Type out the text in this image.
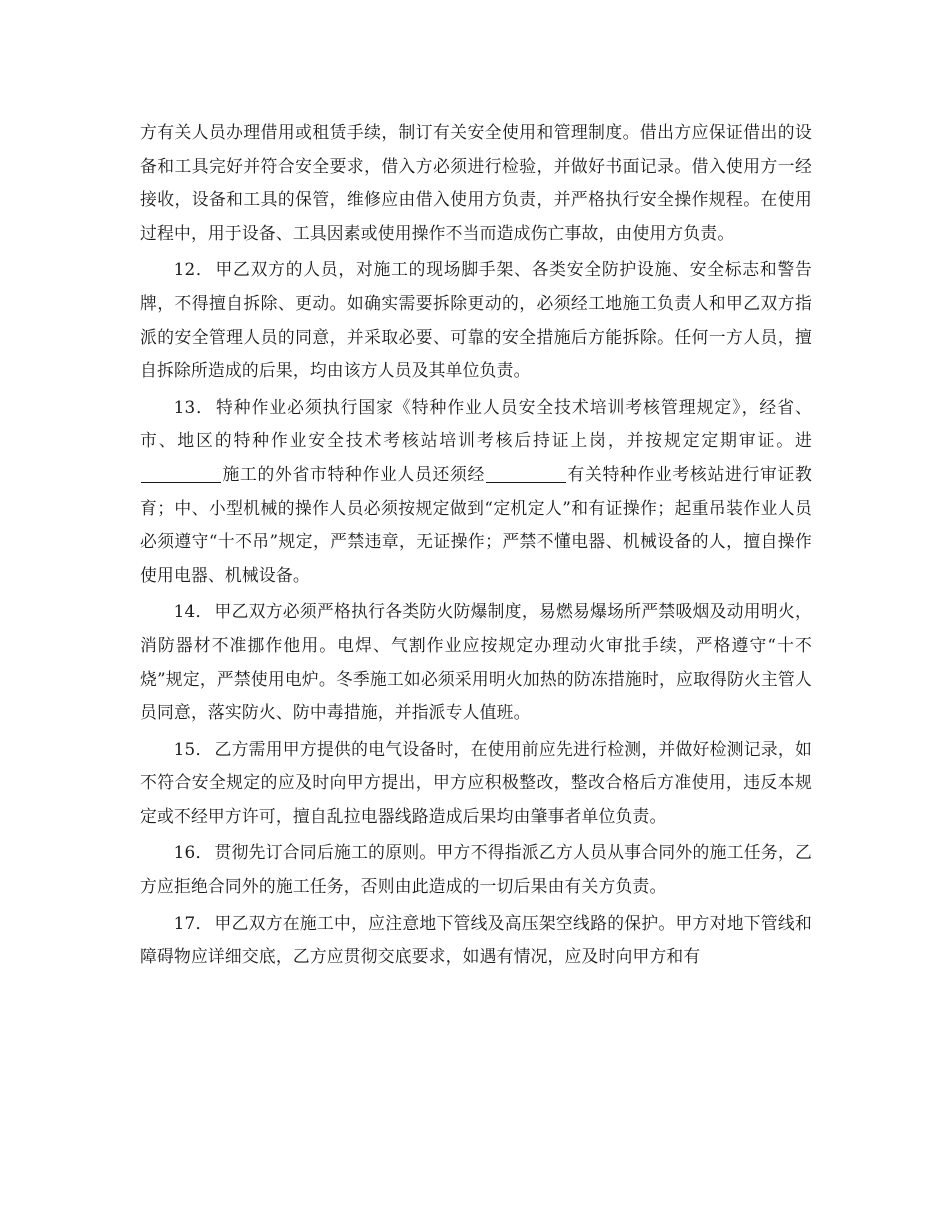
方有关人员办理借用或租赁手续，制订有关安全使用和管理制度。借出方应保证借出的设备和工具完好并符合安全要求，借入方必须进行检验，并做好书面记录。借入使用方一经接收，设备和工具的保管，维修应由借入使用方负责，并严格执行安全操作规程。在使用过程中，用于设备、工具因素或使用操作不当而造成伤亡事故，由使用方负责。

12． 甲乙双方的人员，对施工的现场脚手架、各类安全防护设施、安全标志和警告牌，不得擅自拆除、更动。如确实需要拆除更动的，必须经工地施工负责人和甲乙双方指派的安全管理人员的同意，并采取必要、可靠的安全措施后方能拆除。任何一方人员，擅自拆除所造成的后果，均由该方人员及其单位负责。

13． 特种作业必须执行国家《特种作业人员安全技术培训考核管理规定》，经省、市、地区的特种作业安全技术考核站培训考核后持证上岗，并按规定定期审证。进施工的外省市特种作业人员还须经	有关特种作业考核站进行审证教育；中、小型机械的操作人员必须按规定做到“定机定人”和有证操作；起重吊装作业人员必须遵守“十不吊”规定，严禁违章，无证操作；严禁不懂电器、机械设备的人，擅自操作使用电器、机械设备。

14． 甲乙双方必须严格执行各类防火防爆制度，易燃易爆场所严禁吸烟及动用明火，消防器材不准挪作他用。电焊、气割作业应按规定办理动火审批手续，严格遵守“十不烧”规定，严禁使用电炉。冬季施工如必须采用明火加热的防冻措施时，应取得防火主管人员同意，落实防火、防中毒措施，并指派专人值班。

15． 乙方需用甲方提供的电气设备时，在使用前应先进行检测，并做好检测记录，如不符合安全规定的应及时向甲方提出，甲方应积极整改，整改合格后方准使用，违反本规定或不经甲方许可，擅自乱拉电器线路造成后果均由肇事者单位负责。

16． 贯彻先订合同后施工的原则。甲方不得指派乙方人员从事合同外的施工任务，乙方应拒绝合同外的施工任务，否则由此造成的一切后果由有关方负责。

17． 甲乙双方在施工中，应注意地下管线及高压架空线路的保护。甲方对地下管线和障碍物应详细交底，乙方应贯彻交底要求，如遇有情况，应及时向甲方和有
